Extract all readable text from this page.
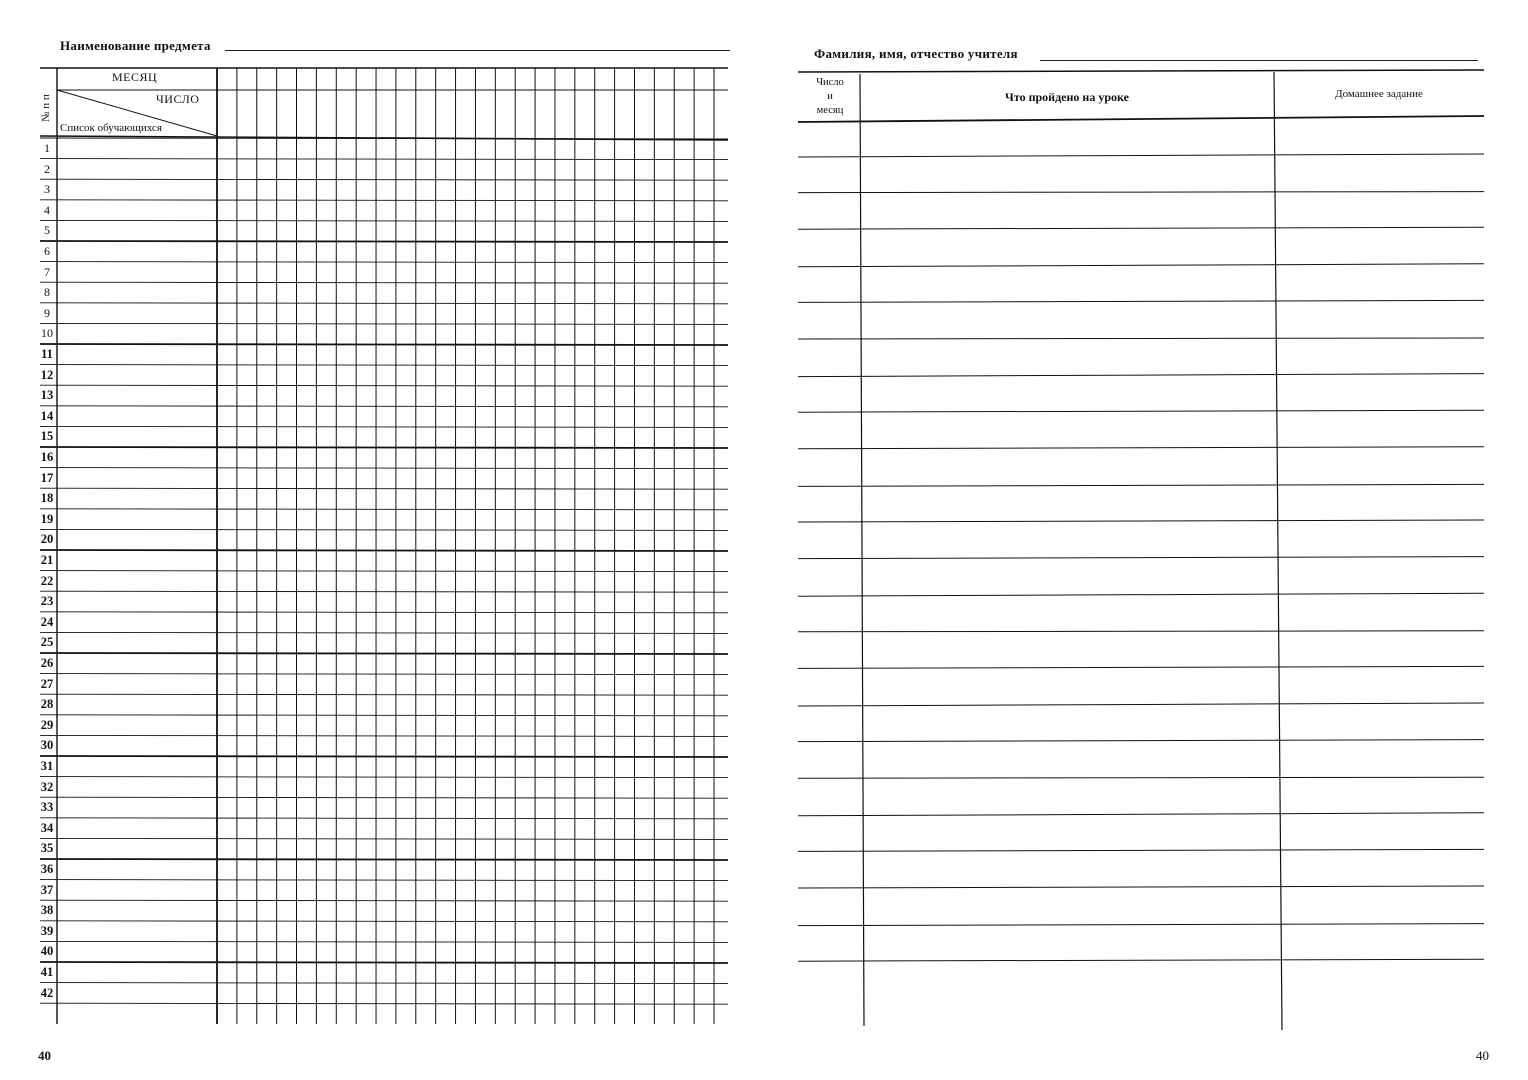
Наименование предмета
МЕСЯЦ
ЧИСЛО
Список обучающихся
№ п п
1
2
3
4
5
6
7
8
9
10
11
12
13
14
15
16
17
18
19
20
21
22
23
24
25
26
27
28
29
30
31
32
33
34
35
36
37
38
39
40
41
42
40
Фамилия, имя, отчество учителя
Число
и
месяц
Что пройдено на уроке	Домашнее задание
40
